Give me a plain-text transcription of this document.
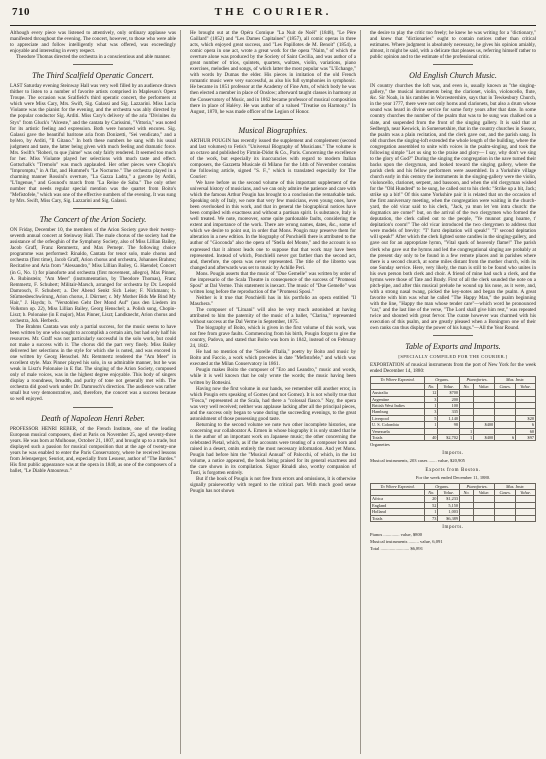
710	THE COURIER.

Although every piece was listened to attentively, only ordinary applause was manifested throughout the evening. The concert, however, to those who were able to appreciate and follow intelligently what was offered, was exceedingly enjoyable and interesting in every respect.

Theodore Thomas directed the orchestra in a conscientious and able manner.

The Third Scalfield Operatic Concert.

LAST Saturday evening Steinway Hall was very well filled by an audience drawn thither to listen to a number of favorite artists comprised in Mapleson's Opera Troupe. The occasion was Scalfield's third operatic concert, the performers at which were Miss Cary, Mrs. Swift, Sig. Galassi and Sig. Lazzarini. Miss Lucia Violante was the pianist for the evening, and the orchestra was ably directed by the popular conductor Sig. Arditi. Miss Cary's delivery of the aria "Divinites du Styx" from Gluck's "Alceste," and the cantata by Carissimi, "Vittoria," was noted for its artistic feeling and expression. Both were honored with encores. Sig. Galassi gave the beautiful baritone aria from Donizetti, "Sei vendicato," and a bolero, by Arditi, "Il Gitano." In both these numbers he sang with his usual judgment and taste, the latter being given with much feeling and dramatic force. Mrs. Swift's "Roberi, tu que j'aime" was only fairly rendered. It seemed too much for her. Miss Violante played her selections with much taste and effect. Gottschalk's "Tremolo" was much applauded. Her other pieces were Chopin's "Impromptu," in A flat, and Hummel's "Le Nocturne." The orchestra played in a charming manner Rossini's overture, "La Gazza Ladra," a gavotte by Arditi, "L'Ingenue," and Gounod's march from "La Reine de Saba." The only other number that needs regular special mention was the quartet from Boito's "Mefistofele," which was one of the effective numbers of the evening. It was sung by Mrs. Swift, Miss Cary, Sig. Lazzarini and Sig. Galassi.

The Concert of the Arion Society.

ON Friday, December 10, the members of the Arion Society gave their twenty-seventh annual concert at Steinway Hall. The male chorus of the society had the assistance of the orfeoghin of the Symphony Society, also of Miss Lillian Bailey, Jacob Graff, Franz Remmertz, and Max Pernepr. The following choice programme was performed: Rinaldo, Cantata for tenor solo, male chorus and orchestra (first time), Jacob Graff, Arion chorus and orchestra, Johannes Brahms; Recitative and Aria from "Alessandro," Miss Lillian Bailey, G. Haendel; Concert (in G, No. 1) for pianoforte and orchestra (first movement, allegro), Max Pinner, A. Rubinstein; "Am Meer" (instrumentation, by Theodore Thomas), Franz Remmertz, F. Schubert; Militair-Marsch, arranged for orchestra by Dr. Leopold Damrosch, F. Schubert; a. Der Abend Senkt Sich Leise; F. Nickmann; b. Stürmesbeschwörung, Arion chorus, J. Dürrner; c. My Mother Bids Me Bind My Hair," J. Haydn; b. "Verstohlen Geht Der Mond Auf" (aus den Liedern im Volkston op. 22), Miss Lillian Bailey, Georg Henschel; a. Polish song, Chopin-Liszt; b. Polonaise (in E major), Max Pinner, Liszt; Landknecht, Arion chorus and orchestra, Joh. Herbeck.

The Brahms Cantata was only a partial success, for the music seems to have been written by one who sought to accomplish a certain aim, but had only half his resources. Mr. Graff was not particularly successful in the solo work, but could not make a success with it. The chorus did the part very finely. Miss Bailey delivered her selections in the style for which she is noted, and was encored in one written by Georg Henschel. Mr. Remmertz rendered the "Am Meer" in excellent style. Max Pinner played his solo, in so admirable manner, but he was weak in Liszt's Polonaise in E flat. The singing of the Arion Society, composed only of male voices, was in the highest degree enjoyable. This body of singers display a roundness, breadth, and purity of tone not generally met with. The orchestra did good work under Dr. Damrosch's direction. The audience was rather small but very demonstrative, and, therefore, the concert was a success because so well enjoyed.

Death of Napoleon Henri Reber.

PROFESSOR HENRI REBER, of the French Institute, one of the leading European musical composers, died at Paris on November 25, aged seventy-three years. He was born at Mulhouse, October 21, 1807, and brought up to a trade, but displayed such a passion for musical composition that at the age of twenty-one years he was enabled to enter the Paris Conservatory, where he received lessons from Jelensperger, Seuriot, and, especially from Lesueur, author of "The Bardes." His first public appearance was at the opera in 1840, as one of the composers of a ballet, "Le Diable Amoureux."

He brought out at the Opéra Comique "La Nuit de Noël" (1848), "Le Père Gaillard" (1852) and "Les Dames Capitaines" (1857), all comic operas in three acts, which enjoyed great success, and "Les Papillotes de M. Benoit" (1854), a comic opera in one act, wrote a great work for the opera "Naim," of which the overture alone was produced by the Society of Saint Cecilia, and was author of a great number of trios, quintets, quartets, waltzes, violin, variations, piano exercises, melodies and songs, of which latter the most popular was "L'Echange," with words by Dumas the elder. His pieces in imitation of the old French romantic music were very successful, as also his full symphonies in symphonic. He became in 1851 professor at the Academy of Fine Arts, of which body he was then elected a member in place of Onslow; afterward taught classes in harmony at the Conservatory of Music, and in 1862 became professor of musical composition there in place of Halévy. He was author of a valued "Treatise on Harmony." In August, 1870, he was made officer of the Legion of Honor.

Musical Biographies.

ARTHUR POUGIN has recently issued the supplement and complement (second and last volumes) to Fetis's "Universal Biography of Musicians." The volume is an octavo and published by Firmin-Didot & Co., Paris. Concerning the excellence of the work, but especially its inaccuracies with regard to modern Italian composers, the Gazzetta Musicale di Milano for the 14th of November contains the following article, signed "S. F.," which is translated especially for The Courier:

We have before us the second volume of this important supplement of the universal history of musicians, and we can only admire the patience and care with which the famous Arthur Pougin has brought to a conclusion the remarkable task. Speaking only of Italy, we note that very few musicians, even young ones, have been overlooked in this work, and that in general the biographical notices have been compiled with exactness and without a partisan spirit. Is substance, Italy is well treated. We note, moreover, some quite pardonable faults, considering the extent and importance of the work. There are wrong names, dates, &c., some of which we desire to point out, in order that Mons. Pougin may preserve them for alteration in a new edition. In the biography of Ponchielli there is attributed to the author of "Gioconda" also the opera of "Stella del Monte," and the account is so expressed that it almost leads one to suppose that that work may have been represented. Instead of which, Ponchielli never got farther than the second act, and, therefore, the opera was never represented. The title of the libretto was changed and afterwards was set to music by Achille Peri.

Mons. Pougin asserts that the music of "Due Gemelle" was written by order of the impresario of the Scala Theatre in consequence of the success of "Promessi Sposi" at Dal Verme. This statement is inexact. The music of "Due Gemelle" was written long before the reproduction of the "Promessi Sposi."

Neither is it true that Ponchielli has in his portfolio an opera entitled "Il Maschera."

The composer of "Lituani" will also be very much astonished at having attributed to him the paternity of the music of a ballet, "Clarina," represented without success at the Dal Verme in September, 1875.

The biography of Boito, which is given in the first volume of this work, was not free from grave faults. Commencing from his birth, Pougin forgot to give the country, Padova, and stated that Boito was born in 1842, instead of on February 24, 1842.

He had no mention of the "Sorelle d'Italia," poetry by Boito and music by Boito and Faccio, a work which precedes in date "Mefistofele," and which was executed at the Milan Conservatory in 1861.

Pougin makes Boito the composer of "Ero and Leandro," music and words, while it is well known that he only wrote the words; the music having been written by Bottesini.

Having now the first volume in our hands, we remember still another error, in which Pougin errs speaking of Gomes (and not Gomez). It is not wholly true that "Fosca," represented at the Scala, had there a "colossal fiasco." Nay, the opera was very well received; neither was applause lacking after all the principal pieces, and the success only began to wane during the succeeding evenings, to the great astonishment of those possessing good taste.

Returning to the second volume we note two other incomplete histories, one concerning our collaborator A. Ermen in whose biography it is only stated that he is the author of an important work on Japanese music; the other concerning the celebrated Pietal, which, as if the accounts were treating of a composer born and raised in a desert, omits entirely the most necessary information. And yet Mons. Pougin had before him the "Musical Annual" of Palocchi, of which, in the 1st volume, a notice appeared, the book being praised for its general exactness and the care shown in its compilation. Signor Rinaldi also, worthy companion of Tosti, is forgotten entirely.

But if the book of Pougin is not free from errors and omissions, it is otherwise signally praiseworthy with regard to the critical part. With much good sense Pougin has not shown

the desire to play the critic too freely; he knew he was writing for a "dictionary," and knew that "dictionaries" ought to contain notices rather than critical estimates. Where judgment is absolutely necessary, he gives his opinion amiably, almost, it might be said, with a delicate that pleases us, referring himself rather to public opinion and to the estimate of the professional critic.

Old English Church Music.

IN country churches the loft was, and even is, usually known as "the singing-gallery," the musical instruments being the clarionet, violin, violoncello, flute, &c. Sir Noah, in his rambles in Worcestershire, says that in Tewkesbury Church, in the year 1777, there were not only horns and clarionets, but also a drum whose sound was heard in divine service for some forty years after that date. In some country churches the number of the psalm that was to be sung was chalked on a slate, and suspended from the front of the singing gallery. It is said that at Sedbergh, near Keswick, in Somersetshire, that in the country churches in Sussex, the psalm was a plain recitation, and the clerk gave out, and the parish sang. In old churches the singing-loft extended the whole length of the building, where the congregation assembled to unite with voices in the psalm-singing, and took the following simple "Let us sing to the praise and glory— I say, why don't we sing to the glory of God?" During the singing the congregation in the nave turned their backs upon the clergyman, and looked toward the singing gallery, where the parish clerk and his fellow performers were assembled. In a Yorkshire village church early in this century the instruments in the singing-gallery were the violin, violoncello, clarionet, serpent, and bassoon, and when the old clergyman wished for the "Old Hundred" to be sung, he called out to his clerk: "Strike up a bit, Jack; strike up a bit!" Of this same Yorkshire pair it is related that on the occasion of the first anniversary meeting, when the congregation were waiting in the church-yard, the old vicar said to his clerk, "Jack, ya mun let 'em intra church: the dogmatics are come!" but, on the arrival of the two clergymen who formed the deputation, the clerk called out to the people, "Ye munnot gang hoame, t' depitation's coom!" The old vicar introduced the two clergymen to address that were models of brevity: "T' furst depitation will speak!" "T' second depitation will speak!" After which the clerk lighted some candles in the singing-gallery, and gave out for an appropriate hymn, "Vital spark of heavenly flame!" The parish clerk who gave out the hymns and led the congregational singing are probably at the present day only to be found in a few remote places and in parishes where there is a second church, at some miles distant from the mother church, with its one Sunday service. Here, very likely, the man is still to be found who unites in his own person both clerk and choir. A friend of mine had such a clerk, and the hymns were those of Tate and Brady. First of all the clerk sounded the note on a pitch-pipe, and after this musical prelude he wound up his nose, as it were, and, with a strong nasal twang, picked the key-notes and began the psalm. A great favorite with him was what he called "The Happy Man," the psalm beginning with the line, "Happy the man whose tender care"—which word he pronounced "car," and the last line of the verse, "The Lord shall give him rest," was repeated twice and shouted with great fervor. The curate however was charmed with his execution of this psalm, and are greatly pleased when a Bonington one of their own ranks can thus display the power of his lungs."—All the Year Round.

Table of Exports and Imports.
[SPECIALLY COMPILED FOR THE COURIER.]

EXPORTATION of musical instruments from the port of New York for the week ended December 14, 1880:

To Where Exported.	Organs.		Pianofortes.		Mus. Instr.	
	No.	Value.	No.	Value.	Cases.	Value.
Australia	12	$700				
Argentine	3	200				
British West Indies	1	100				
Hamburg	3	335				
Liverpool	5	1,140				$20
U. S. Colombia	1	98		$400		6
Venezuela			1			60
Totals	40	$2,702	1	$400	6	$97
Organettes
Imports.
Musical instruments, 203 cases ....... value, $20,905
Exports from Boston.
For the week ended December 11, 1880.
To Where Exported.	Organs.		Pianofortes.		Mus. Instr.	
	No.	Value.	No.	Value.	Cases.	Value.
Africa	20	$1,233				
England	52	5,150				
Holland	1	1,003				
Totals	73	$6,389				
Imports.
Pianos .............. value, $800
Musical instruments ......... value, 6,091
Total ......................... $6,891
